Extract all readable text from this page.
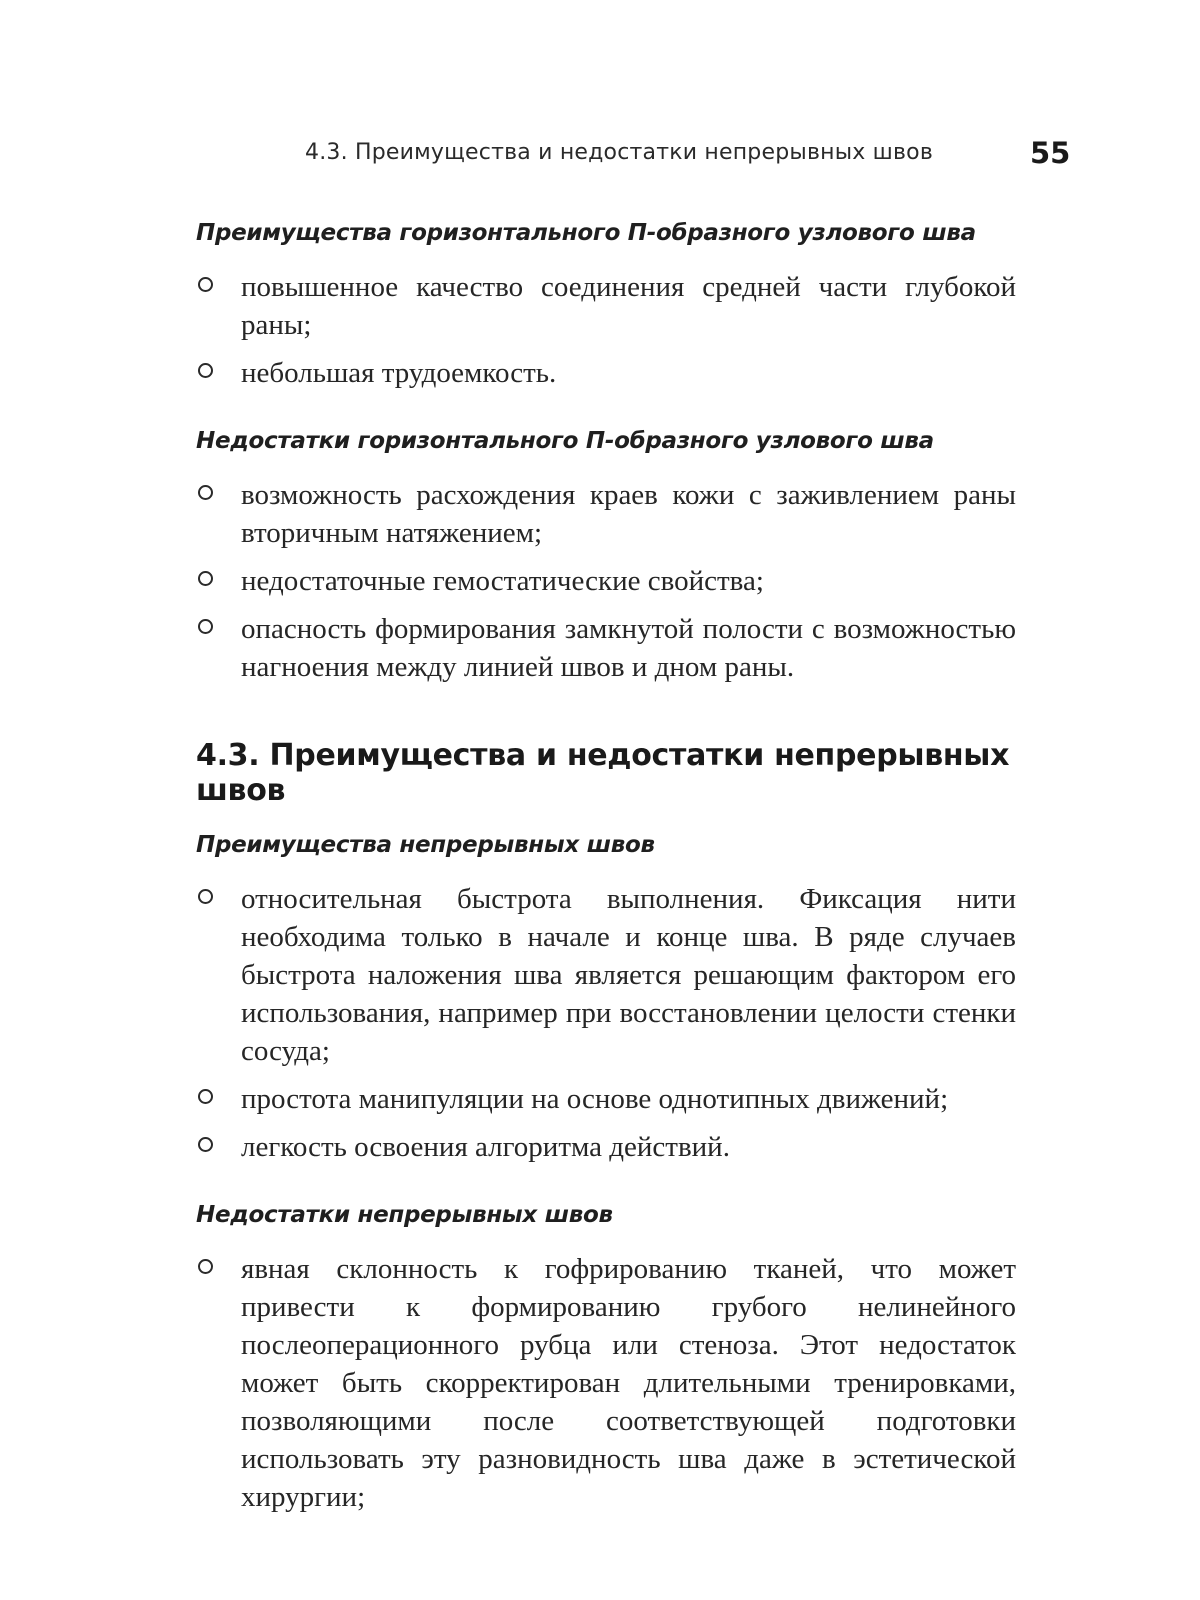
4.3. Преимущества и недостатки непрерывных швов	55
Преимущества горизонтального П-образного узлового шва
повышенное качество соединения средней части глубокой раны;
небольшая трудоемкость.
Недостатки горизонтального П-образного узлового шва
возможность расхождения краев кожи с заживлением раны вторичным натяжением;
недостаточные гемостатические свойства;
опасность формирования замкнутой полости с возможностью нагноения между линией швов и дном раны.
4.3. Преимущества и недостатки непрерывных швов
Преимущества непрерывных швов
относительная быстрота выполнения. Фиксация нити необходима только в начале и конце шва. В ряде случаев быстрота наложения шва является решающим фактором его использования, например при восстановлении целости стенки сосуда;
простота манипуляции на основе однотипных движений;
легкость освоения алгоритма действий.
Недостатки непрерывных швов
явная склонность к гофрированию тканей, что может привести к формированию грубого нелинейного послеоперационного рубца или стеноза. Этот недостаток может быть скорректирован длительными тренировками, позволяющими после соответствующей подготовки использовать эту разновидность шва даже в эстетической хирургии;
